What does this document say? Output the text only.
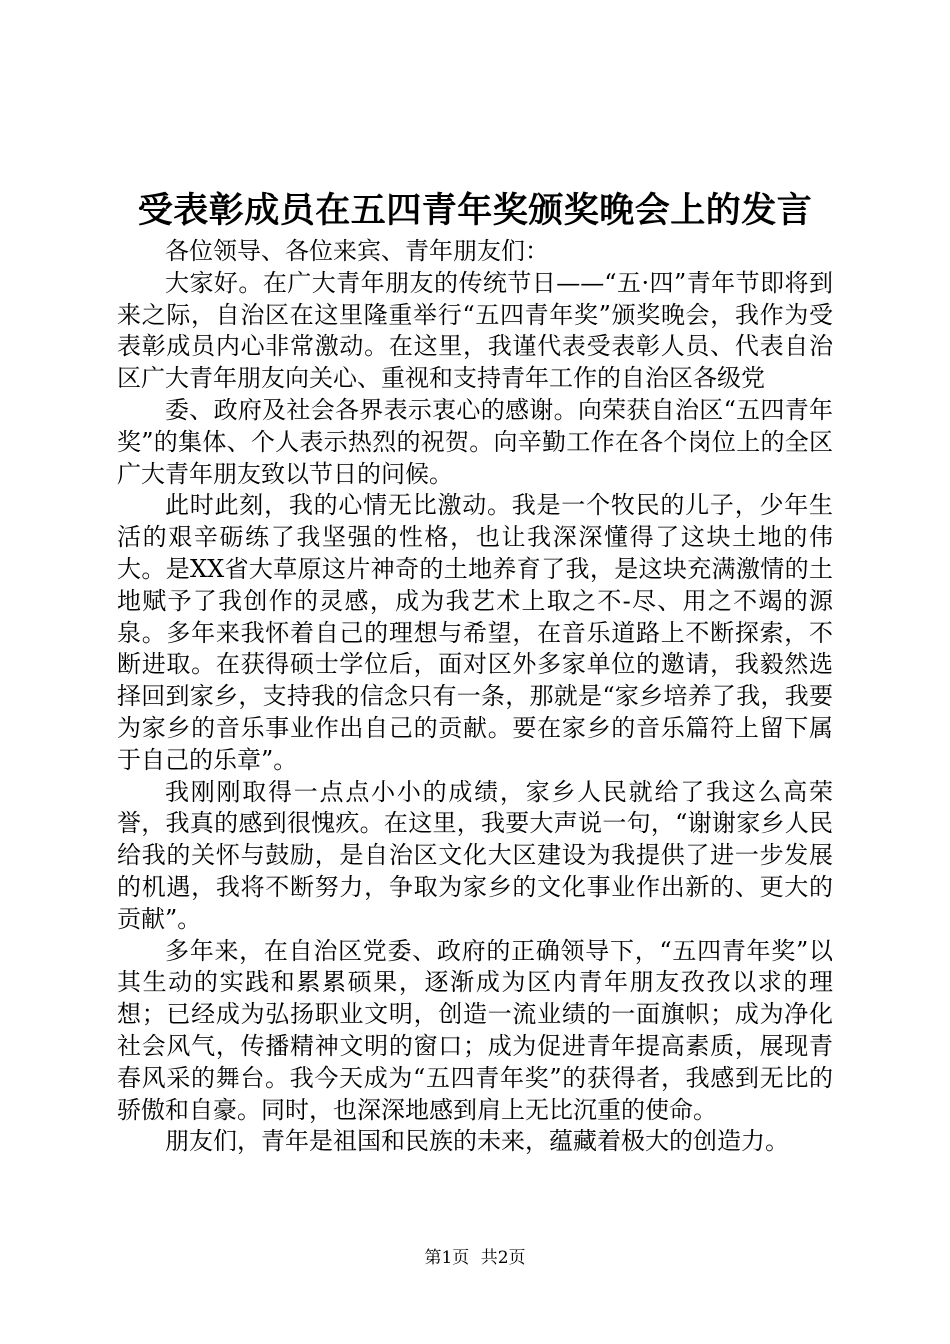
受表彰成员在五四青年奖颁奖晚会上的发言

各位领导、各位来宾、青年朋友们：

大家好。在广大青年朋友的传统节日——“五·四”青年节即将到来之际，自治区在这里隆重举行“五四青年奖”颁奖晚会，我作为受表彰成员内心非常激动。在这里，我谨代表受表彰人员、代表自治区广大青年朋友向关心、重视和支持青年工作的自治区各级党

委、政府及社会各界表示衷心的感谢。向荣获自治区“五四青年奖”的集体、个人表示热烈的祝贺。向辛勤工作在各个岗位上的全区广大青年朋友致以节日的问候。

此时此刻，我的心情无比激动。我是一个牧民的儿子，少年生活的艰辛砺练了我坚强的性格，也让我深深懂得了这块土地的伟大。是XX省大草原这片神奇的土地养育了我，是这块充满激情的土地赋予了我创作的灵感，成为我艺术上取之不-尽、用之不竭的源泉。多年来我怀着自己的理想与希望，在音乐道路上不断探索，不断进取。在获得硕士学位后，面对区外多家单位的邀请，我毅然选择回到家乡，支持我的信念只有一条，那就是“家乡培养了我，我要为家乡的音乐事业作出自己的贡献。要在家乡的音乐篇符上留下属于自己的乐章”。

我刚刚取得一点点小小的成绩，家乡人民就给了我这么高荣誉，我真的感到很愧疚。在这里，我要大声说一句，“谢谢家乡人民给我的关怀与鼓励，是自治区文化大区建设为我提供了进一步发展的机遇，我将不断努力，争取为家乡的文化事业作出新的、更大的贡献”。

多年来，在自治区党委、政府的正确领导下，“五四青年奖”以其生动的实践和累累硕果，逐渐成为区内青年朋友孜孜以求的理想；已经成为弘扬职业文明，创造一流业绩的一面旗帜；成为净化社会风气，传播精神文明的窗口；成为促进青年提高素质，展现青春风采的舞台。我今天成为“五四青年奖”的获得者，我感到无比的骄傲和自豪。同时，也深深地感到肩上无比沉重的使命。

朋友们，青年是祖国和民族的未来，蕴藏着极大的创造力。

第1页 共2页
